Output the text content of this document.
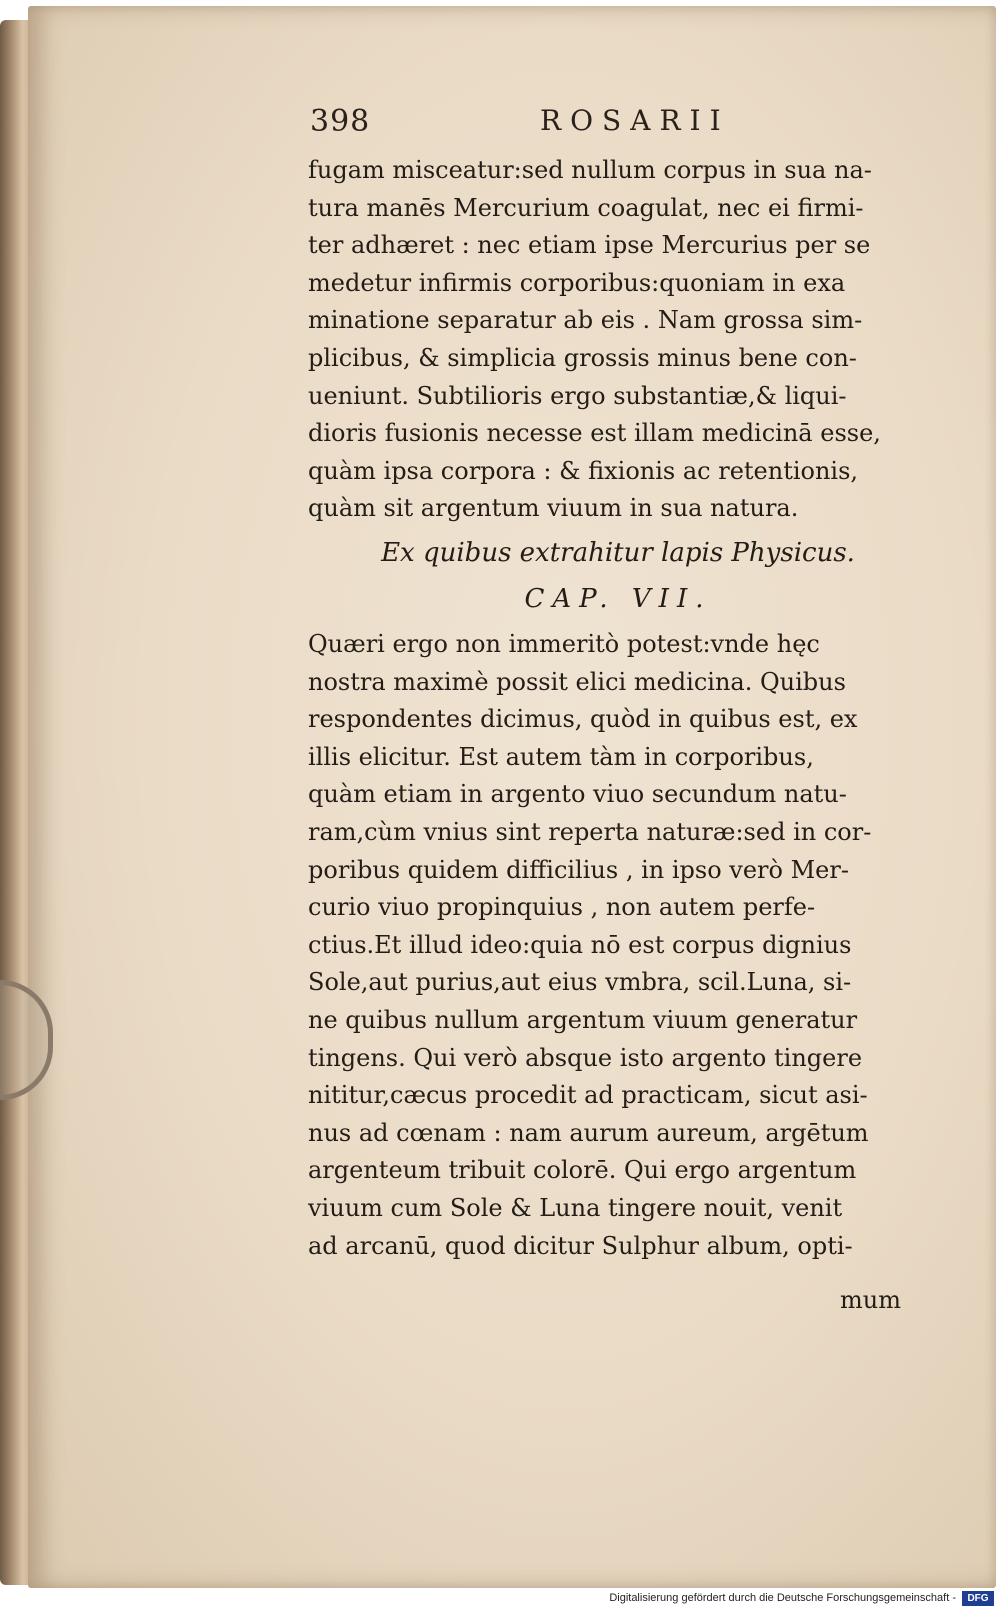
398	ROSARII
fugam misceatur:sed nullum corpus in sua na-
tura manēs Mercurium coagulat, nec ei firmi-
ter adhæret : nec etiam ipse Mercurius per se
medetur infirmis corporibus:quoniam in exa
minatione separatur ab eis . Nam grossa sim-
plicibus, & simplicia grossis minus bene con-
ueniunt. Subtilioris ergo substantiæ,& liqui-
dioris fusionis necesse est illam medicinā esse,
quàm ipsa corpora : & fixionis ac retentionis,
quàm sit argentum viuum in sua natura.
Ex quibus extrahitur lapis Physicus.
CAP. VII.
Quæri ergo non immeritò potest:vnde hęc
nostra maximè possit elici medicina. Quibus
respondentes dicimus, quòd in quibus est, ex
illis elicitur. Est autem tàm in corporibus,
quàm etiam in argento viuo secundum natu-
ram,cùm vnius sint reperta naturæ:sed in cor-
poribus quidem difficilius , in ipso verò Mer-
curio viuo propinquius , non autem perfe-
ctius.Et illud ideo:quia nō est corpus dignius
Sole,aut purius,aut eius vmbra, scil.Luna, si-
ne quibus nullum argentum viuum generatur
tingens. Qui verò absque isto argento tingere
nititur,cæcus procedit ad practicam, sicut asi-
nus ad cœnam : nam aurum aureum, argētum
argenteum tribuit colorē. Qui ergo argentum
viuum cum Sole & Luna tingere nouit, venit
ad arcanū, quod dicitur Sulphur album, opti-
mum
Digitalisierung gefördert durch die Deutsche Forschungsgemeinschaft -	DFG
